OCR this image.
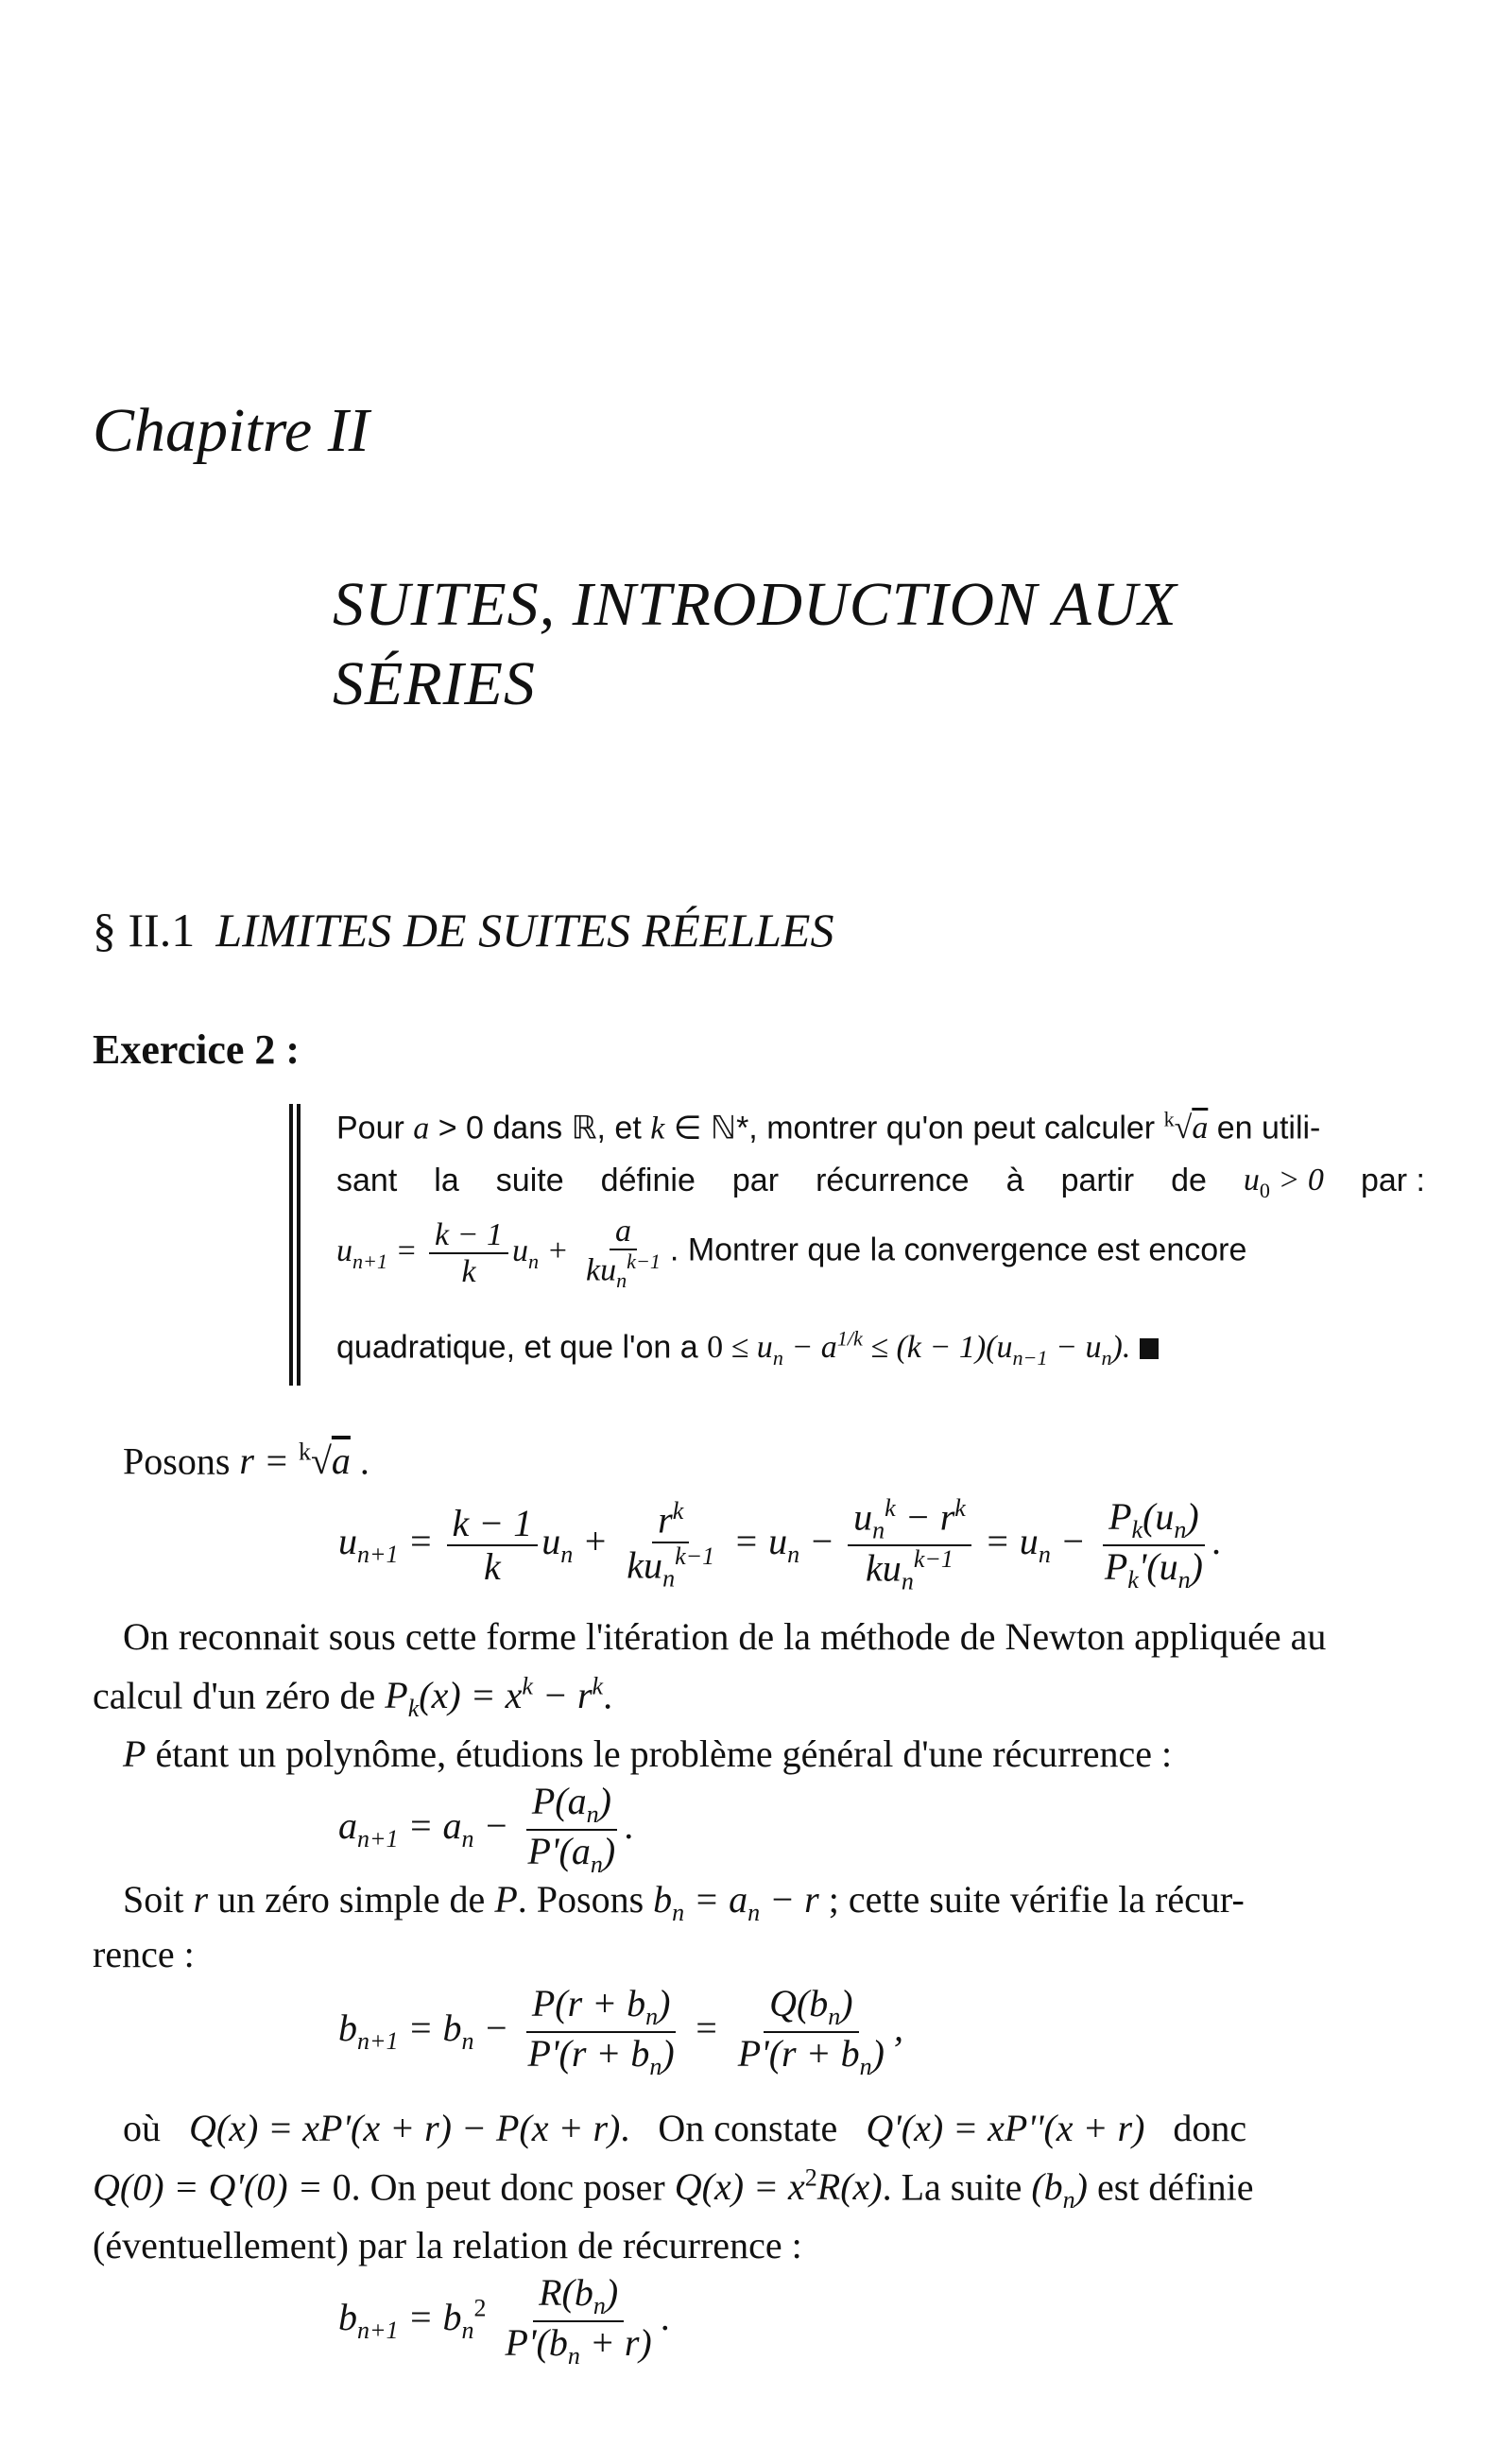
Chapitre II
SUITES, INTRODUCTION AUX
SÉRIES
§ II.1 LIMITES DE SUITES RÉELLES
Exercice 2 :
Pour a > 0 dans ℝ, et k ∈ ℕ*, montrer qu'on peut calculer $^k$√a en utili-
sant la suite définie par récurrence à partir de $u_0 > 0$ par :
$u_{n+1} = \frac{k - 1}{k} u_n + \frac{a}{ku_n^{k-1}}$ . Montrer que la convergence est encore
quadratique, et que l'on a $0 \le u_n - a^{1/k} \le (k - 1)(u_{n-1} - u_n)$.
Posons r = $^k$√a .
$u_{n+1} = \frac{k - 1}{k} u_n + \frac{r^k}{ku_n^{k-1}} = u_n - \frac{u_n^k - r^k}{ku_n^{k-1}} = u_n - \frac{P_k(u_n)}{P_k'(u_n)}$ .
On reconnait sous cette forme l'itération de la méthode de Newton appliquée au
calcul d'un zéro de $P_k(x) = x^k - r^k$.
P étant un polynôme, étudions le problème général d'une récurrence :
$a_{n+1} = a_n - \frac{P(a_n)}{P'(a_n)}$ .
Soit r un zéro simple de P. Posons $b_n = a_n - r$ ; cette suite vérifie la récur-
rence :
$b_{n+1} = b_n - \frac{P(r + b_n)}{P'(r + b_n)} = \frac{Q(b_n)}{P'(r + b_n)}$ ,
où Q(x) = xP'(x + r) − P(x + r).   On constate Q'(x) = xP''(x + r) donc
Q(0) = Q'(0) = 0. On peut donc poser $Q(x) = x^2R(x)$. La suite $(b_n)$ est définie
(éventuellement) par la relation de récurrence :
$b_{n+1} = b_n^2 \frac{R(b_n)}{P'(b_n + r)}$ .
